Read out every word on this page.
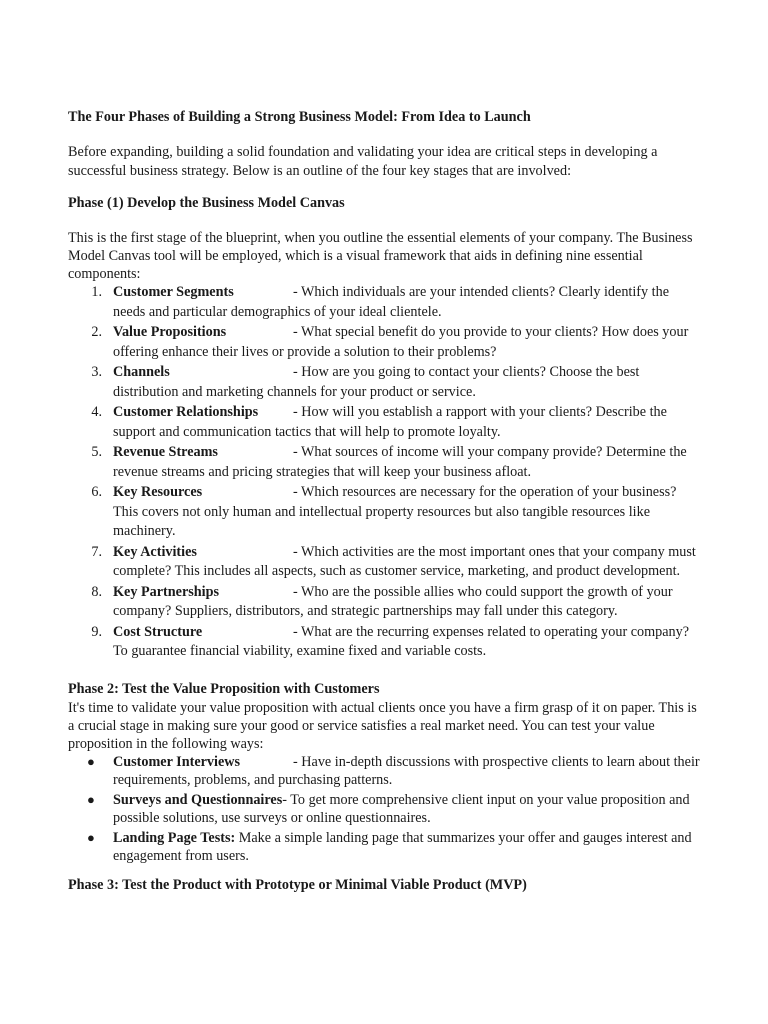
The Four Phases of Building a Strong Business Model: From Idea to Launch

Before expanding, building a solid foundation and validating your idea are critical steps in developing a successful business strategy. Below is an outline of the four key stages that are involved:

Phase (1) Develop the Business Model Canvas

This is the first stage of the blueprint, when you outline the essential elements of your company. The Business Model Canvas tool will be employed, which is a visual framework that aids in defining nine essential components:

1. Customer Segments	- Which individuals are your intended clients? Clearly identify the needs and particular demographics of your ideal clientele.
2. Value Propositions	- What special benefit do you provide to your clients? How does your offering enhance their lives or provide a solution to their problems?
3. Channels	- How are you going to contact your clients? Choose the best distribution and marketing channels for your product or service.
4. Customer Relationships - How will you establish a rapport with your clients? Describe the support and communication tactics that will help to promote loyalty.
5. Revenue Streams	- What sources of income will your company provide? Determine the revenue streams and pricing strategies that will keep your business afloat.
6. Key Resources	- Which resources are necessary for the operation of your business? This covers not only human and intellectual property resources but also tangible resources like machinery.
7. Key Activities	- Which activities are the most important ones that your company must complete? This includes all aspects, such as customer service, marketing, and product development.
8. Key Partnerships	- Who are the possible allies who could support the growth of your company? Suppliers, distributors, and strategic partnerships may fall under this category.
9. Cost Structure	- What are the recurring expenses related to operating your company? To guarantee financial viability, examine fixed and variable costs.

Phase 2: Test the Value Proposition with Customers

It's time to validate your value proposition with actual clients once you have a firm grasp of it on paper. This is a crucial stage in making sure your good or service satisfies a real market need. You can test your value proposition in the following ways:

● Customer Interviews	- Have in-depth discussions with prospective clients to learn about their requirements, problems, and purchasing patterns.
● Surveys and Questionnaires- To get more comprehensive client input on your value proposition and possible solutions, use surveys or online questionnaires.
● Landing Page Tests: Make a simple landing page that summarizes your offer and gauges interest and engagement from users.

Phase 3: Test the Product with Prototype or Minimal Viable Product (MVP)
